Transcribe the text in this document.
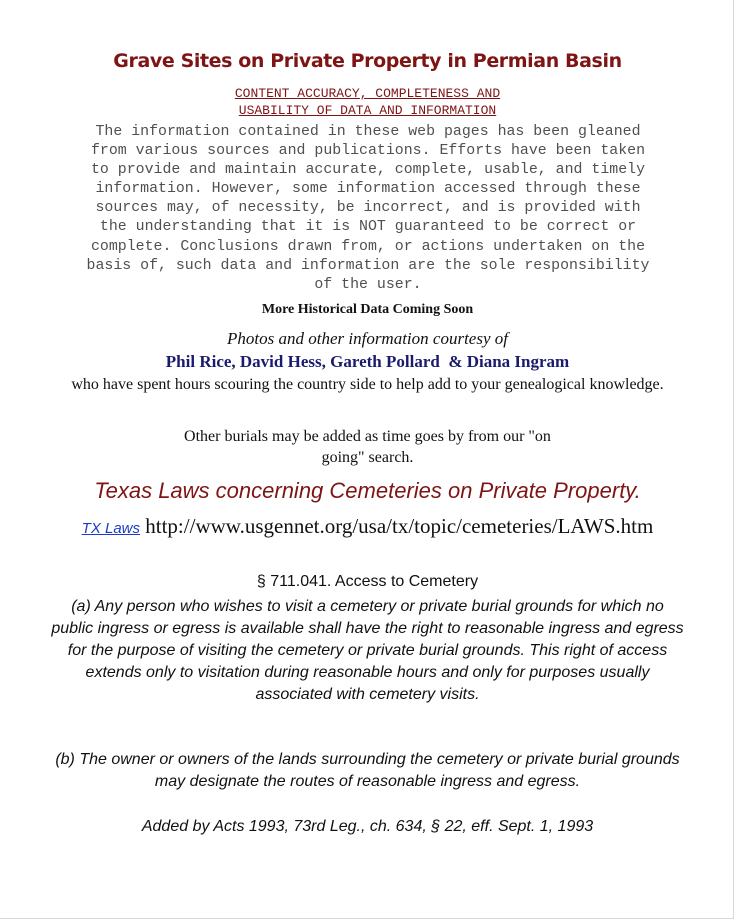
Grave Sites on Private Property in Permian Basin
CONTENT ACCURACY, COMPLETENESS AND
USABILITY OF DATA AND INFORMATION
The information contained in these web pages has been gleaned
from various sources and publications. Efforts have been taken
to provide and maintain accurate, complete, usable, and timely
information. However, some information accessed through these
sources may, of necessity, be incorrect, and is provided with
the understanding that it is NOT guaranteed to be correct or
complete. Conclusions drawn from, or actions undertaken on the
basis of, such data and information are the sole responsibility
of the user.
More Historical Data Coming Soon
Photos and other information courtesy of
Phil Rice, David Hess, Gareth Pollard  & Diana Ingram
who have spent hours scouring the country side to help add to your genealogical knowledge.
Other burials may be added as time goes by from our "on going" search.
Texas Laws concerning Cemeteries on Private Property.
TX Laws http://www.usgennet.org/usa/tx/topic/cemeteries/LAWS.htm
§ 711.041. Access to Cemetery
(a) Any person who wishes to visit a cemetery or private burial grounds for which no public ingress or egress is available shall have the right to reasonable ingress and egress for the purpose of visiting the cemetery or private burial grounds. This right of access extends only to visitation during reasonable hours and only for purposes usually associated with cemetery visits.
(b) The owner or owners of the lands surrounding the cemetery or private burial grounds may designate the routes of reasonable ingress and egress.
Added by Acts 1993, 73rd Leg., ch. 634, § 22, eff. Sept. 1, 1993
